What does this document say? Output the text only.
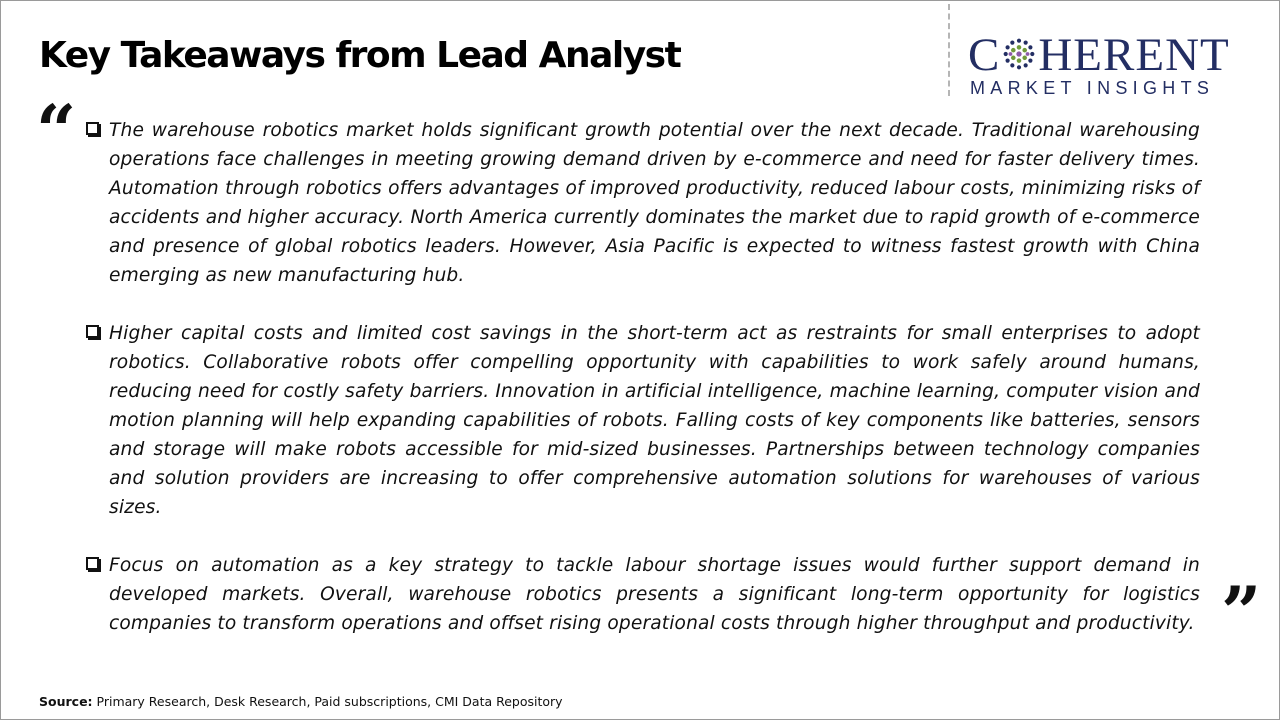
Key Takeaways from Lead Analyst	C HERENT
MARKET INSIGHTS
“
”
The warehouse robotics market holds significant growth potential over the next decade. Traditional warehousing operations face challenges in meeting growing demand driven by e-commerce and need for faster delivery times. Automation through robotics offers advantages of improved productivity, reduced labour costs, minimizing risks of accidents and higher accuracy. North America currently dominates the market due to rapid growth of e-commerce and presence of global robotics leaders. However, Asia Pacific is expected to witness fastest growth with China emerging as new manufacturing hub.
Higher capital costs and limited cost savings in the short-term act as restraints for small enterprises to adopt robotics. Collaborative robots offer compelling opportunity with capabilities to work safely around humans, reducing need for costly safety barriers. Innovation in artificial intelligence, machine learning, computer vision and motion planning will help expanding capabilities of robots. Falling costs of key components like batteries, sensors and storage will make robots accessible for mid-sized businesses. Partnerships between technology companies and solution providers are increasing to offer comprehensive automation solutions for warehouses of various sizes.
Focus on automation as a key strategy to tackle labour shortage issues would further support demand in developed markets. Overall, warehouse robotics presents a significant long-term opportunity for logistics companies to transform operations and offset rising operational costs through higher throughput and productivity.
Source: Primary Research, Desk Research, Paid subscriptions, CMI Data Repository
